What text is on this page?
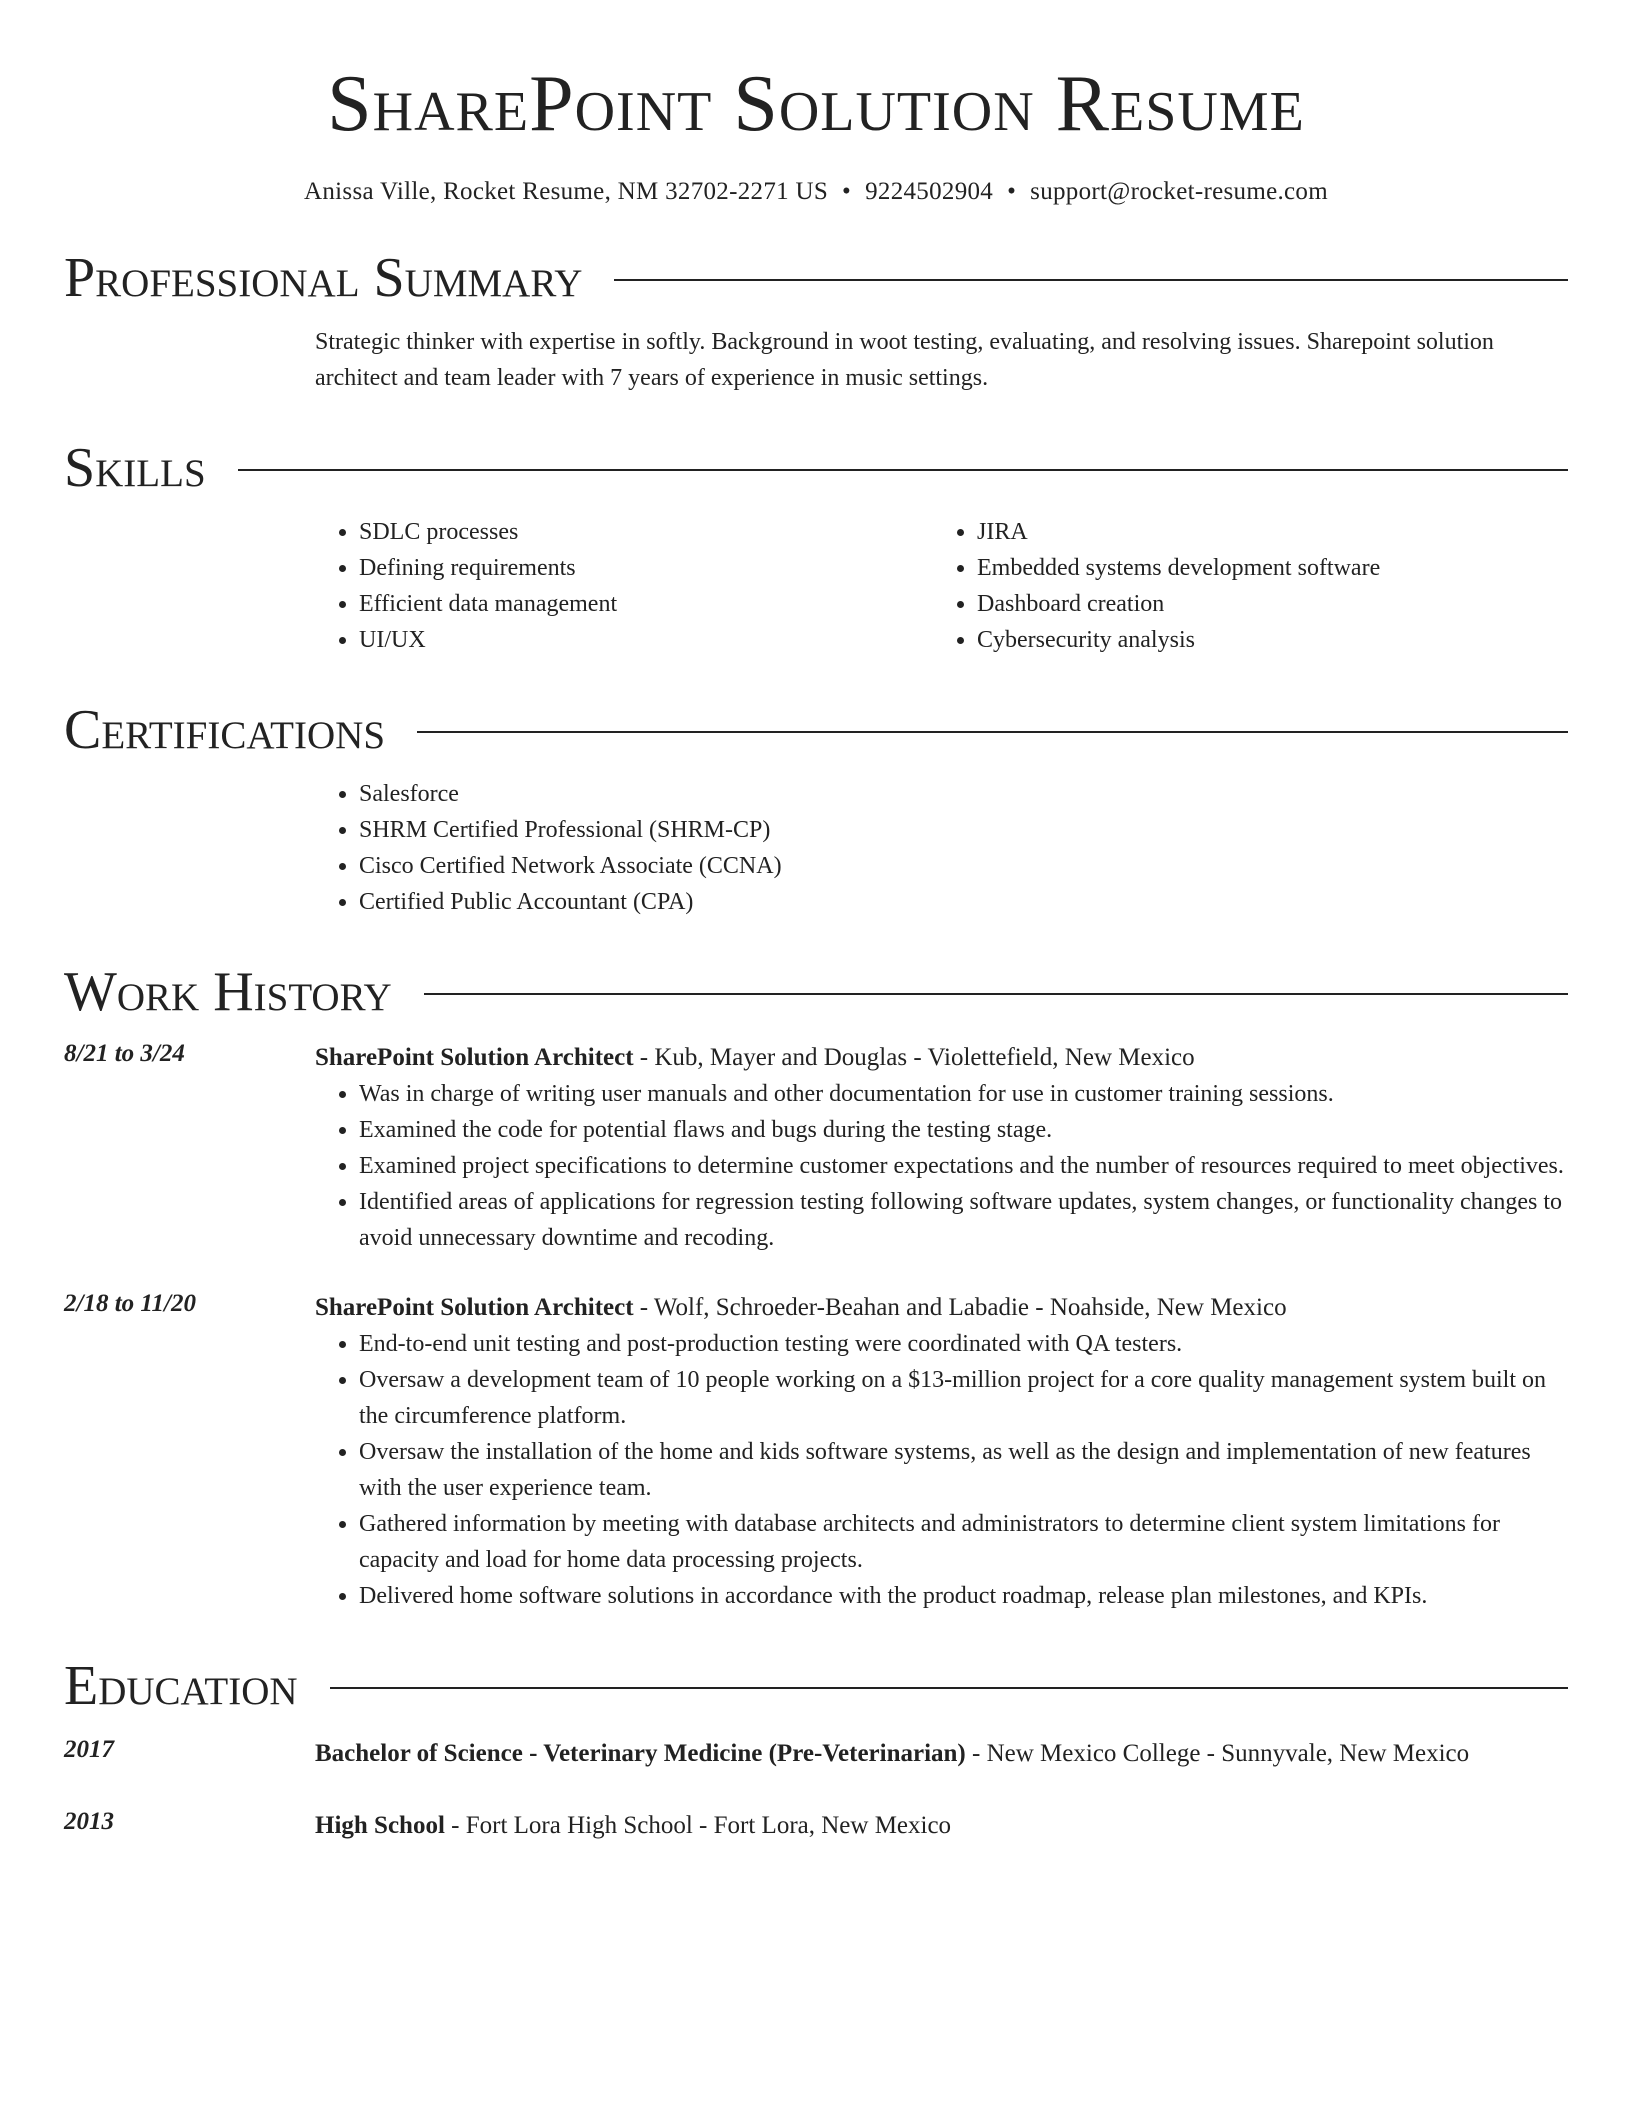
SharePoint Solution Resume
Anissa Ville, Rocket Resume, NM 32702-2271 US • 9224502904 • support@rocket-resume.com
Professional Summary
Strategic thinker with expertise in softly. Background in woot testing, evaluating, and resolving issues. Sharepoint solution architect and team leader with 7 years of experience in music settings.
Skills
• SDLC processes
• Defining requirements
• Efficient data management
• UI/UX
• JIRA
• Embedded systems development software
• Dashboard creation
• Cybersecurity analysis
Certifications
• Salesforce
• SHRM Certified Professional (SHRM-CP)
• Cisco Certified Network Associate (CCNA)
• Certified Public Accountant (CPA)
Work History
8/21 to 3/24	SharePoint Solution Architect - Kub, Mayer and Douglas - Violettefield, New Mexico
• Was in charge of writing user manuals and other documentation for use in customer training sessions.
• Examined the code for potential flaws and bugs during the testing stage.
• Examined project specifications to determine customer expectations and the number of resources required to meet objectives.
• Identified areas of applications for regression testing following software updates, system changes, or functionality changes to avoid unnecessary downtime and recoding.
2/18 to 11/20	SharePoint Solution Architect - Wolf, Schroeder-Beahan and Labadie - Noahside, New Mexico
• End-to-end unit testing and post-production testing were coordinated with QA testers.
• Oversaw a development team of 10 people working on a $13-million project for a core quality management system built on the circumference platform.
• Oversaw the installation of the home and kids software systems, as well as the design and implementation of new features with the user experience team.
• Gathered information by meeting with database architects and administrators to determine client system limitations for capacity and load for home data processing projects.
• Delivered home software solutions in accordance with the product roadmap, release plan milestones, and KPIs.
Education
2017	Bachelor of Science - Veterinary Medicine (Pre-Veterinarian) - New Mexico College - Sunnyvale, New Mexico
2013	High School - Fort Lora High School - Fort Lora, New Mexico
